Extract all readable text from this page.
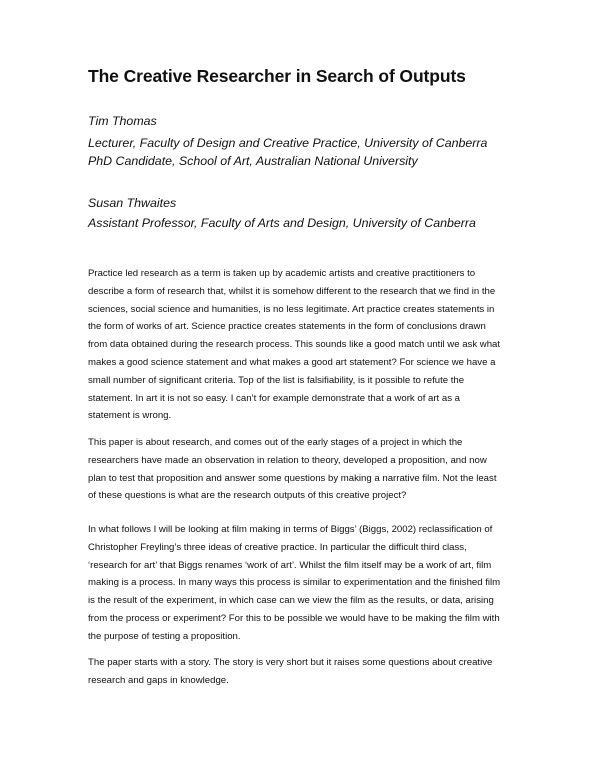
The Creative Researcher in Search of Outputs
Tim Thomas
Lecturer, Faculty of Design and Creative Practice, University of Canberra
PhD Candidate, School of Art, Australian National University
Susan Thwaites
Assistant Professor, Faculty of Arts and Design, University of Canberra
Practice led research as a term is taken up by academic artists and creative practitioners to
describe a form of research that, whilst it is somehow different to the research that we find in the
sciences, social science and humanities, is no less legitimate. Art practice creates statements in
the form of works of art. Science practice creates statements in the form of conclusions drawn
from data obtained during the research process. This sounds like a good match until we ask what
makes a good science statement and what makes a good art statement? For science we have a
small number of significant criteria. Top of the list is falsifiability, is it possible to refute the
statement. In art it is not so easy. I can’t for example demonstrate that a work of art as a
statement is wrong.
This paper is about research, and comes out of the early stages of a project in which the
researchers have made an observation in relation to theory, developed a proposition, and now
plan to test that proposition and answer some questions by making a narrative film. Not the least
of these questions is what are the research outputs of this creative project?
In what follows I will be looking at film making in terms of Biggs’ (Biggs, 2002) reclassification of
Christopher Freyling’s three ideas of creative practice. In particular the difficult third class,
‘research for art’ that Biggs renames ‘work of art’. Whilst the film itself may be a work of art, film
making is a process. In many ways this process is similar to experimentation and the finished film
is the result of the experiment, in which case can we view the film as the results, or data, arising
from the process or experiment? For this to be possible we would have to be making the film with
the purpose of testing a proposition.
The paper starts with a story. The story is very short but it raises some questions about creative
research and gaps in knowledge.
